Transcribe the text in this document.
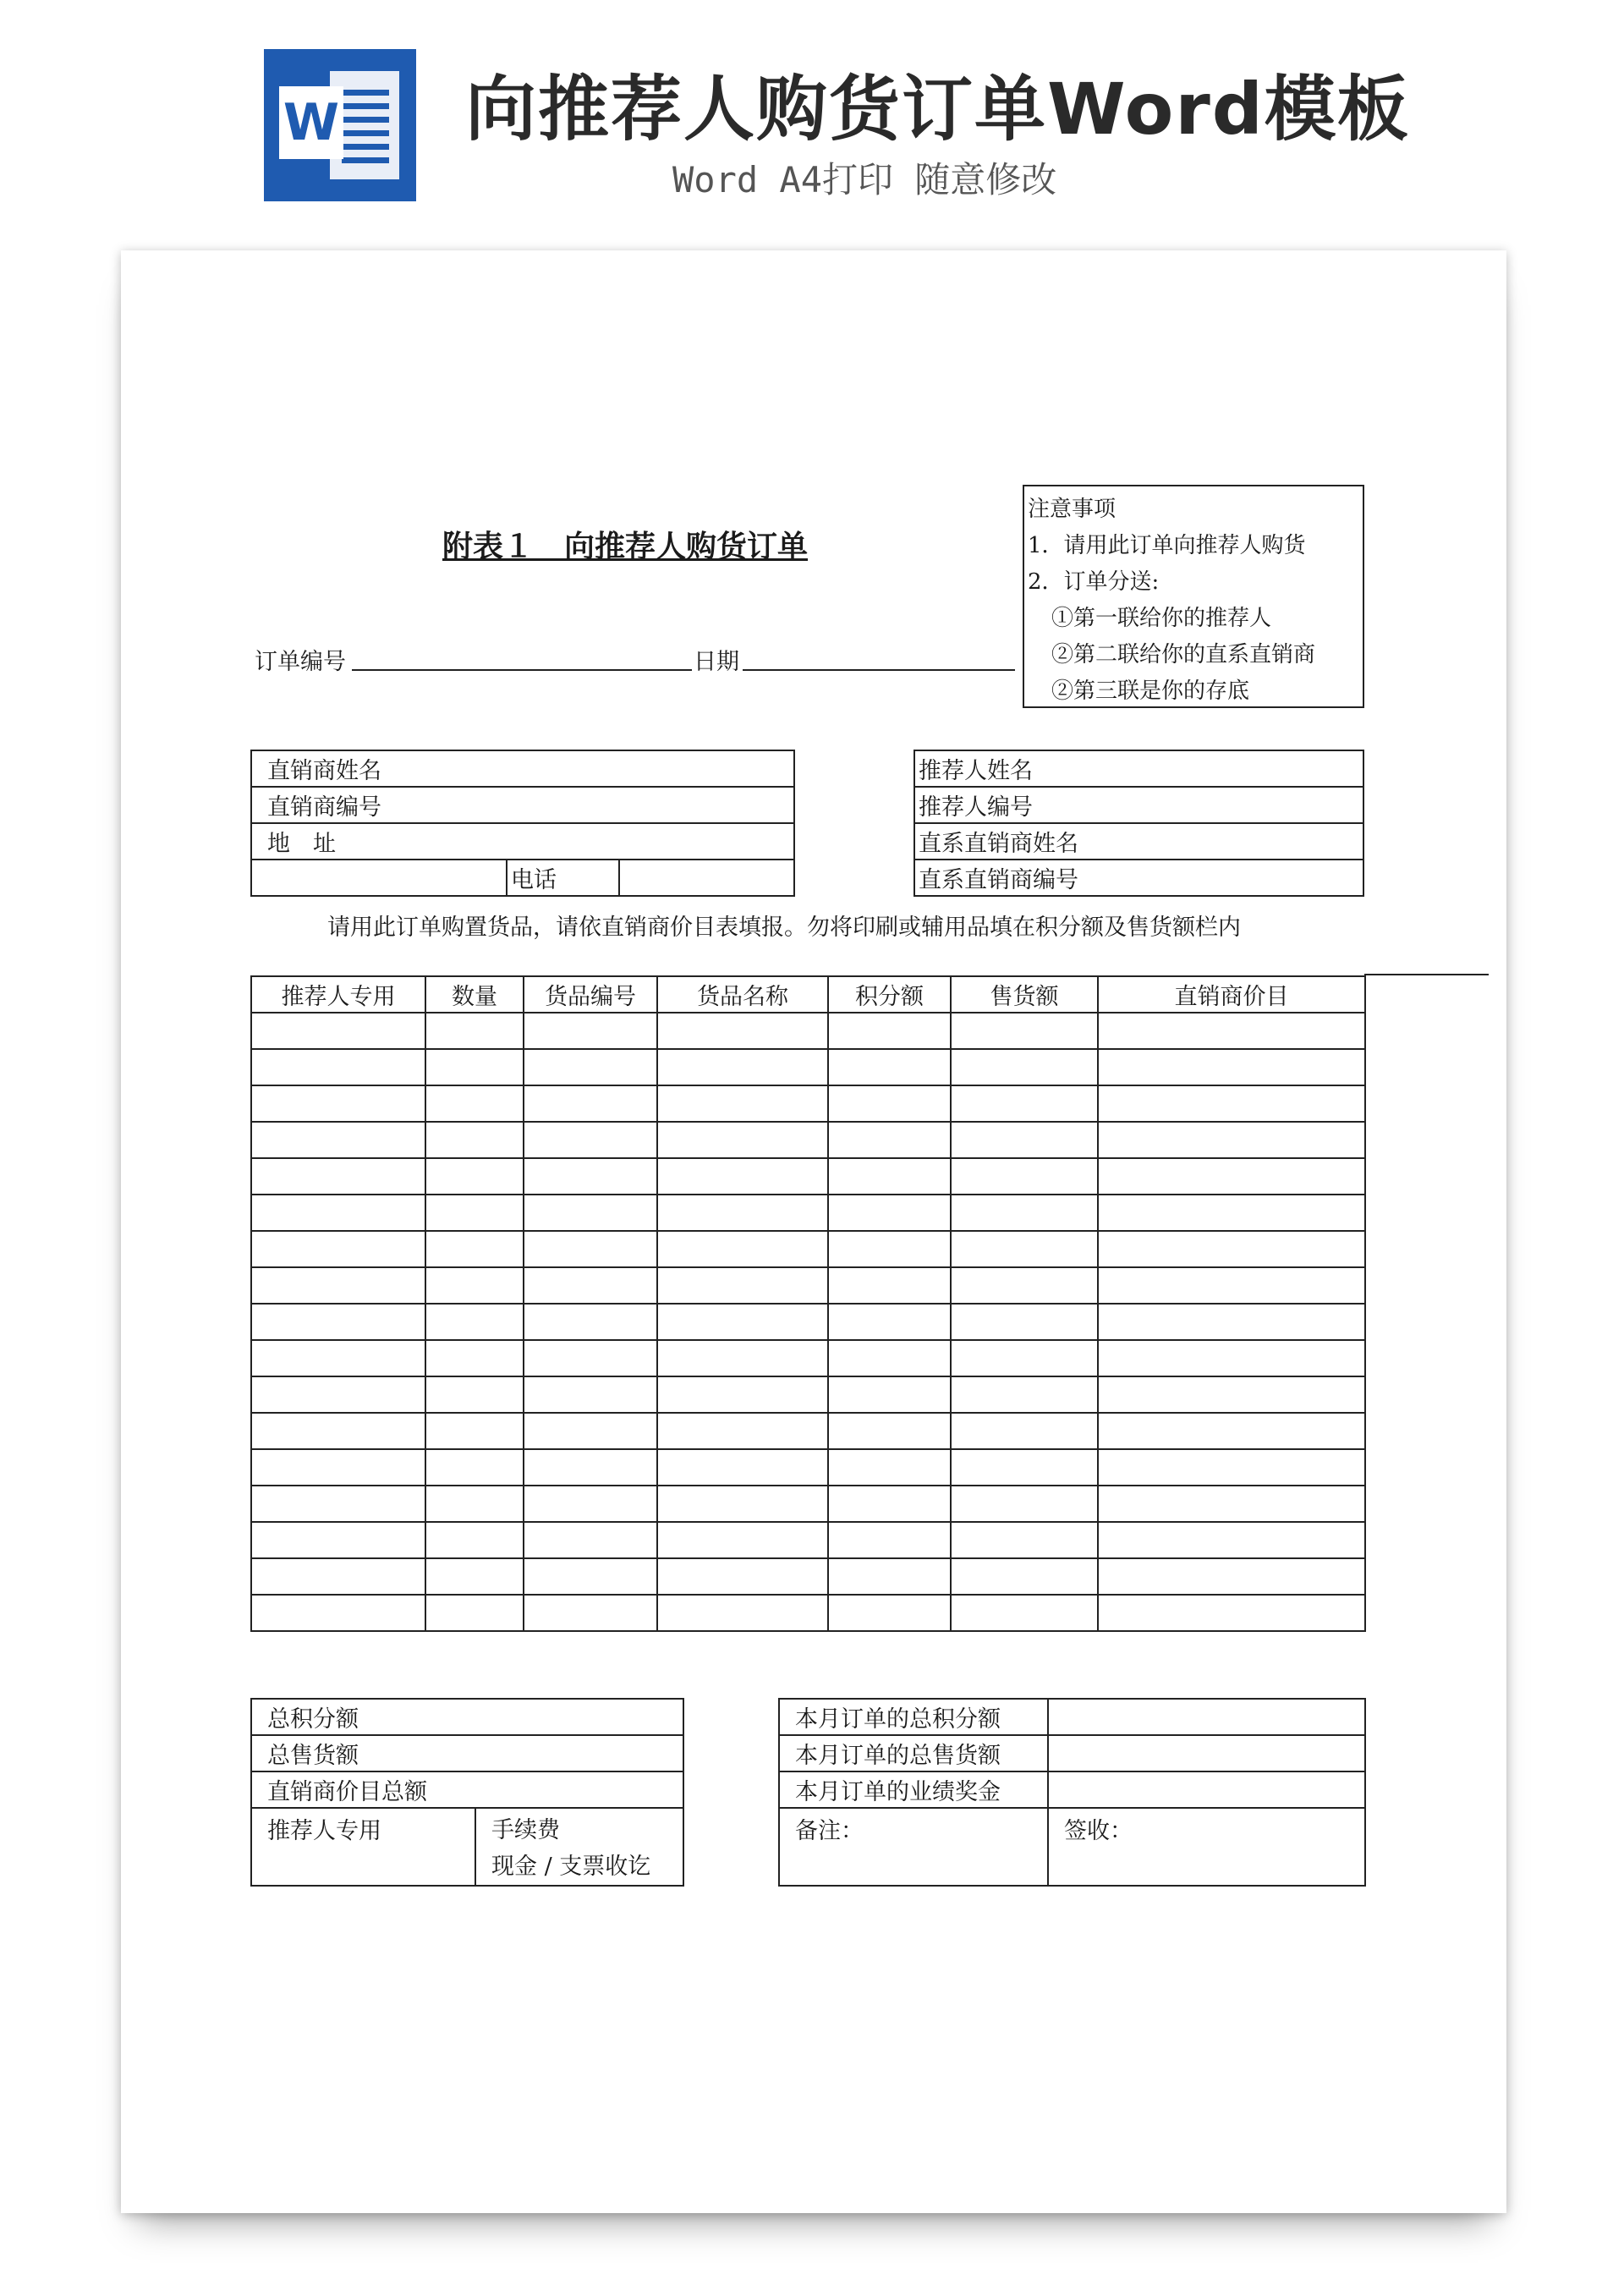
W 向推荐人购货订单Word模板
Word A4打印 随意修改
附表１　向推荐人购货订单
注意事项
1．请用此订单向推荐人购货
2．订单分送:
①第一联给你的推荐人
②第二联给你的直系直销商
②第三联是你的存底
订单编号	日期
直销商姓名
直销商编号
地　址
	电话	
推荐人姓名
推荐人编号
直系直销商姓名
直系直销商编号
请用此订单购置货品，请依直销商价目表填报。勿将印刷或辅用品填在积分额及售货额栏内
推荐人专用	数量	货品编号	货品名称	积分额	售货额	直销商价目

总积分额
总售货额
直销商价目总额
推荐人专用	手续费
现金 / 支票收讫
本月订单的总积分额	
本月订单的总售货额	
本月订单的业绩奖金	
备注：	签收：
